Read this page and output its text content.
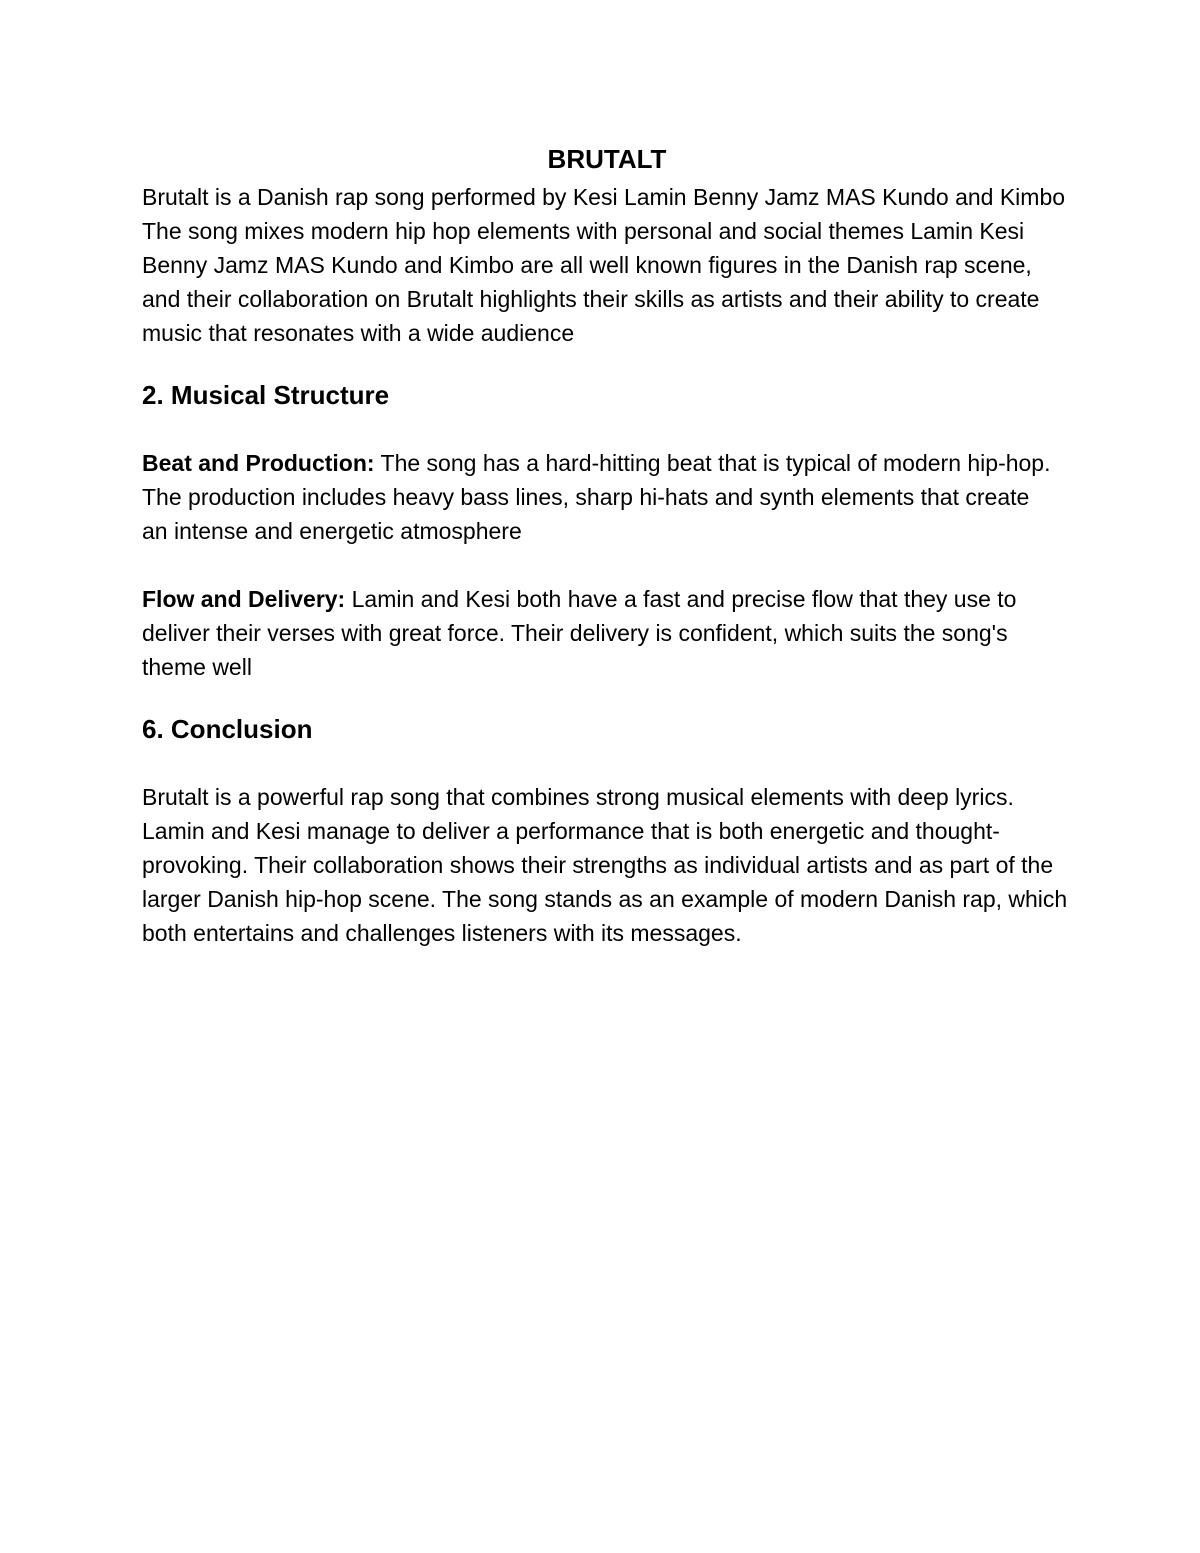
BRUTALT

Brutalt is a Danish rap song performed by Kesi Lamin Benny Jamz MAS Kundo and Kimbo The song mixes modern hip hop elements with personal and social themes Lamin Kesi Benny Jamz MAS Kundo and Kimbo are all well known figures in the Danish rap scene, and their collaboration on Brutalt highlights their skills as artists and their ability to create music that resonates with a wide audience

2. Musical Structure

Beat and Production: The song has a hard-hitting beat that is typical of modern hip-hop. The production includes heavy bass lines, sharp hi-hats and synth elements that create
an intense and energetic atmosphere

Flow and Delivery: Lamin and Kesi both have a fast and precise flow that they use to deliver their verses with great force. Their delivery is confident, which suits the song's theme well

6. Conclusion

Brutalt is a powerful rap song that combines strong musical elements with deep lyrics. Lamin and Kesi manage to deliver a performance that is both energetic and thought-provoking. Their collaboration shows their strengths as individual artists and as part of the larger Danish hip-hop scene. The song stands as an example of modern Danish rap, which both entertains and challenges listeners with its messages.
